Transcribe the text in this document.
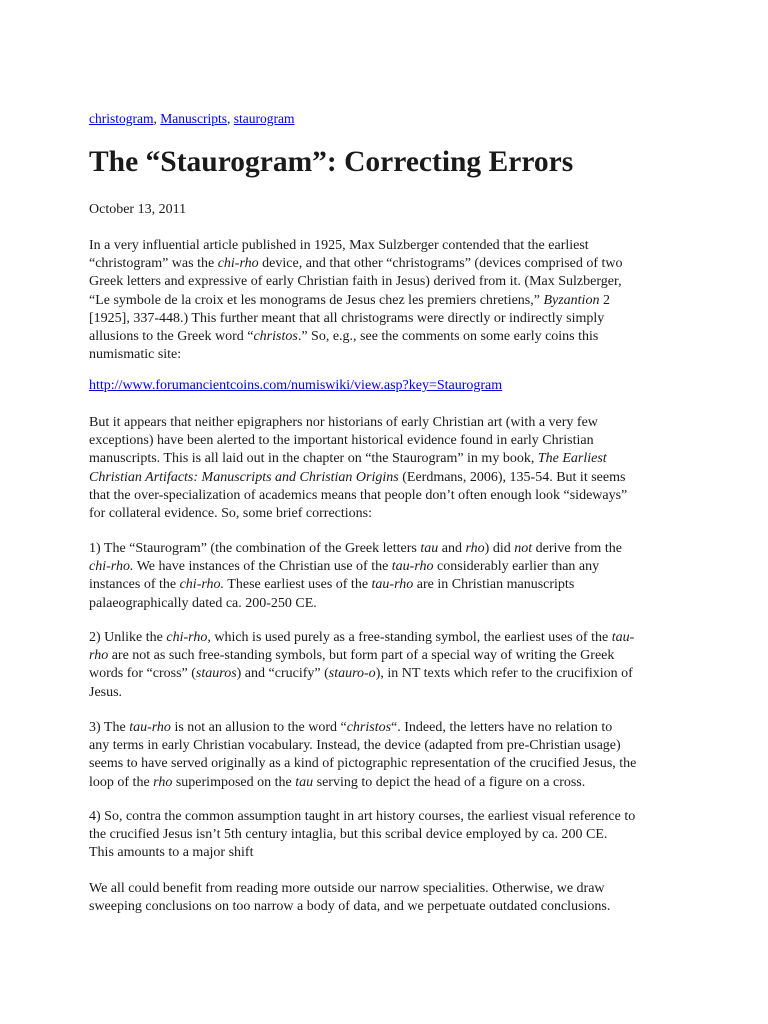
christogram, Manuscripts, staurogram
The “Staurogram”: Correcting Errors
October 13, 2011
In a very influential article published in 1925, Max Sulzberger contended that the earliest
“christogram” was the chi-rho device, and that other “christograms” (devices comprised of two
Greek letters and expressive of early Christian faith in Jesus) derived from it. (Max Sulzberger,
“Le symbole de la croix et les monograms de Jesus chez les premiers chretiens,” Byzantion 2
[1925], 337-448.) This further meant that all christograms were directly or indirectly simply
allusions to the Greek word “christos.” So, e.g., see the comments on some early coins this
numismatic site:
http://www.forumancientcoins.com/numiswiki/view.asp?key=Staurogram
But it appears that neither epigraphers nor historians of early Christian art (with a very few
exceptions) have been alerted to the important historical evidence found in early Christian
manuscripts. This is all laid out in the chapter on “the Staurogram” in my book, The Earliest
Christian Artifacts: Manuscripts and Christian Origins (Eerdmans, 2006), 135-54. But it seems
that the over-specialization of academics means that people don’t often enough look “sideways”
for collateral evidence. So, some brief corrections:
1) The “Staurogram” (the combination of the Greek letters tau and rho) did not derive from the
chi-rho. We have instances of the Christian use of the tau-rho considerably earlier than any
instances of the chi-rho. These earliest uses of the tau-rho are in Christian manuscripts
palaeographically dated ca. 200-250 CE.
2) Unlike the chi-rho, which is used purely as a free-standing symbol, the earliest uses of the tau-
rho are not as such free-standing symbols, but form part of a special way of writing the Greek
words for “cross” (stauros) and “crucify” (stauro-o), in NT texts which refer to the crucifixion of
Jesus.
3) The tau-rho is not an allusion to the word “christos“. Indeed, the letters have no relation to
any terms in early Christian vocabulary. Instead, the device (adapted from pre-Christian usage)
seems to have served originally as a kind of pictographic representation of the crucified Jesus, the
loop of the rho superimposed on the tau serving to depict the head of a figure on a cross.
4) So, contra the common assumption taught in art history courses, the earliest visual reference to
the crucified Jesus isn’t 5th century intaglia, but this scribal device employed by ca. 200 CE.
This amounts to a major shift
We all could benefit from reading more outside our narrow specialities. Otherwise, we draw
sweeping conclusions on too narrow a body of data, and we perpetuate outdated conclusions.
